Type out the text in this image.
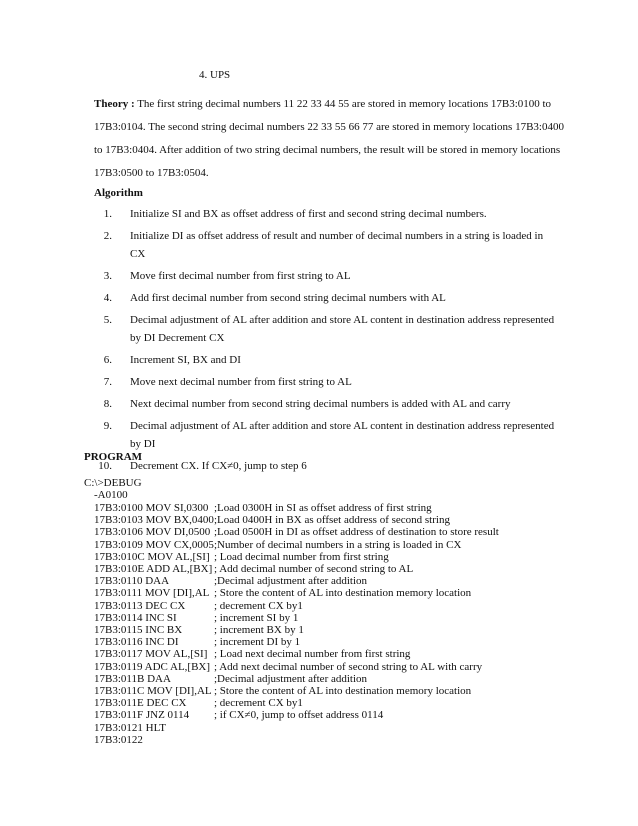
4. UPS
Theory : The first string decimal numbers 11 22 33 44 55 are stored in memory locations 17B3:0100 to
17B3:0104. The second string decimal numbers 22 33 55 66 77 are stored in memory locations 17B3:0400
to 17B3:0404. After addition of two string decimal numbers, the result will be stored in memory locations
17B3:0500 to 17B3:0504.
Algorithm
1. Initialize SI and BX as offset address of first and second string decimal numbers.
2. Initialize DI as offset address of result and number of decimal numbers in a string is loaded in
CX
3. Move first decimal number from first string to AL
4. Add first decimal number from second string decimal numbers with AL
5. Decimal adjustment of AL after addition and store AL content in destination address represented
by DI Decrement CX
6. Increment SI, BX and DI
7. Move next decimal number from first string to AL
8. Next decimal number from second string decimal numbers is added with AL and carry
9. Decimal adjustment of AL after addition and store AL content in destination address represented
by DI
10. Decrement CX. If CX≠0, jump to step 6
PROGRAM
C:\>DEBUG
-A0100
17B3:0100 MOV SI,0300 ;Load 0300H in SI as offset address of first string
17B3:0103 MOV BX,0400 ;Load 0400H in BX as offset address of second string
17B3:0106 MOV DI,0500 ;Load 0500H in DI as offset address of destination to store result
17B3:0109 MOV CX,0005 ;Number of decimal numbers in a string is loaded in CX
17B3:010C MOV AL,[SI] ; Load decimal number from first string
17B3:010E ADD AL,[BX] ; Add decimal number of second string to AL
17B3:0110 DAA	;Decimal adjustment after addition
17B3:0111 MOV [DI],AL ; Store the content of AL into destination memory location
17B3:0113 DEC CX	; decrement CX by1
17B3:0114 INC SI	; increment SI by 1
17B3:0115 INC BX	; increment BX by 1
17B3:0116 INC DI	; increment DI by 1
17B3:0117 MOV AL,[SI] ; Load next decimal number from first string
17B3:0119 ADC AL,[BX] ; Add next decimal number of second string to AL with carry
17B3:011B DAA	;Decimal adjustment after addition
17B3:011C MOV [DI],AL ; Store the content of AL into destination memory location
17B3:011E DEC CX	; decrement CX by1
17B3:011F JNZ 0114 ; if CX≠0, jump to offset address 0114
17B3:0121 HLT
17B3:0122
